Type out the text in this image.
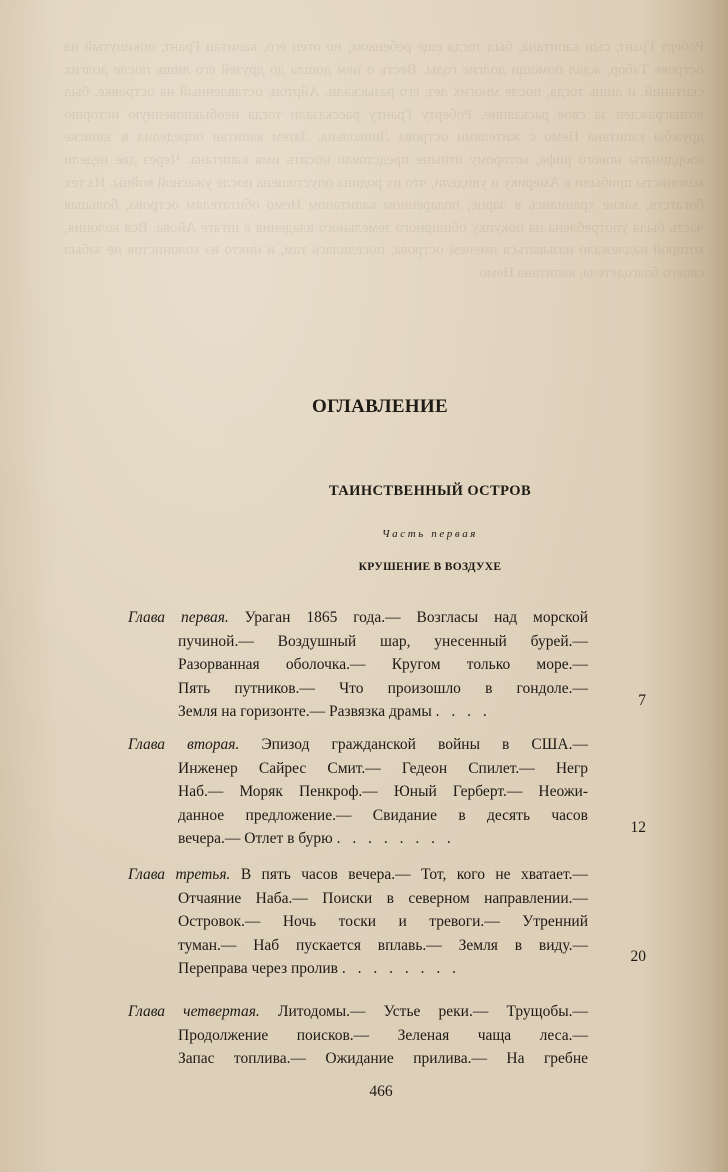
Роберт Грант, сын капитана, был тогда еще ребенком; но отец его, капитан Грант, покинутый на острове Табор, ждал помощи долгие годы. Весть о нем дошла до друзей его лишь после долгих скитаний, и лишь тогда, после многих лет, его разыскали. Айртон, оставленный на островке, был вознагражден за свое раскаяние. Роберту Гранту рассказали тогда необыкновенную историю дружбы капитана Немо с жителями острова Линкольна. Затем капитан определил в записке координаты нового рифа, которому отныне предстояло носить имя капитана. Через две недели колонисты прибыли в Америку и увидели, что их родина опустошена после ужасной войны. Из тех богатств, какие хранились в ларце, подаренном капитаном Немо обитателям острова, большая часть была употреблена на покупку обширного земельного владения в штате Айова. Вся колония, которой надлежало называться именем острова, поселилась там, и никто из колонистов не забыл своего благодетеля, капитана Немо.
ОГЛАВЛЕНИЕ
ТАИНСТВЕННЫЙ ОСТРОВ
Часть первая
КРУШЕНИЕ В ВОЗДУХЕ
Глава первая. Ураган 1865 года.— Возгласы над морской
пучиной.— Воздушный шар, унесенный бурей.—
Разорванная оболочка.— Кругом только море.—
Пять путников.— Что произошло в гондоле.—
Земля на горизонте.— Развязка драмы . . . .
7
Глава вторая. Эпизод гражданской войны в США.—
Инженер Сайрес Смит.— Гедеон Спилет.— Негр
Наб.— Моряк Пенкроф.— Юный Герберт.— Неожи-
данное предложение.— Свидание в десять часов
вечера.— Отлет в бурю . . . . . . . .
12
Глава третья. В пять часов вечера.— Тот, кого не хватает.—
Отчаяние Наба.— Поиски в северном направлении.—
Островок.— Ночь тоски и тревоги.— Утренний
туман.— Наб пускается вплавь.— Земля в виду.—
Переправа через пролив . . . . . . . .
20
Глава четвертая. Литодомы.— Устье реки.— Трущобы.—
Продолжение поисков.— Зеленая чаща леса.—
Запас топлива.— Ожидание прилива.— На гребне
466
